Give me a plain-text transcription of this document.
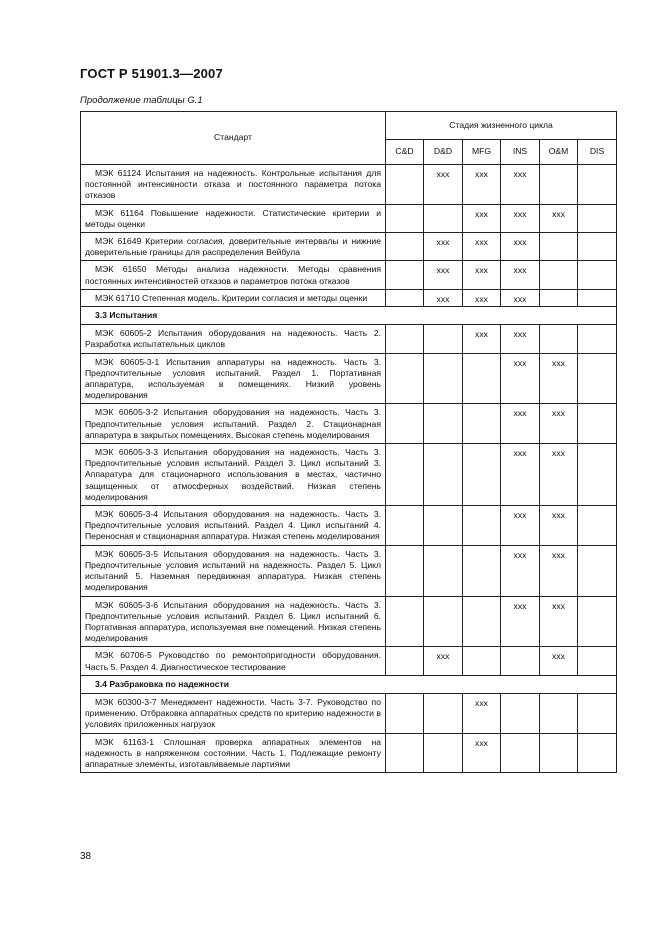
ГОСТ Р 51901.3—2007
Продолжение таблицы G.1
Стандарт	Стадия жизненного цикла					
	C&D	D&D	MFG	INS	O&M	DIS
МЭК 61124 Испытания на надежность. Контрольные испытания для постоянной интенсивности отказа и постоянного параметра потока отказов		xxx	xxx	xxx		
МЭК 61164 Повышение надежности. Статистические критерии и методы оценки			xxx	xxx	xxx	
МЭК 61649 Критерии согласия, доверительные интервалы и нижние доверительные границы для распределения Вейбула		xxx	xxx	xxx		
МЭК 61650 Методы анализа надежности. Методы сравнения постоянных интенсивностей отказов и параметров потока отказов		xxx	xxx	xxx		
МЭК 61710 Степенная модель. Критерии согласия и методы оценки		xxx	xxx	xxx		
3.3 Испытания						
МЭК 60605-2 Испытания оборудования на надежность. Часть 2. Разработка испытательных циклов			xxx	xxx		
МЭК 60605-3-1 Испытания аппаратуры на надежность. Часть 3. Предпочтительные условия испытаний. Раздел 1. Портативная аппаратура, используемая в помещениях. Низкий уровень моделирования				xxx	xxx	
МЭК 60605-3-2 Испытания оборудования на надежность. Часть 3. Предпочтительные условия испытаний. Раздел 2. Стационарная аппаратура в закрытых помещениях. Высокая степень моделирования				xxx	xxx	
МЭК 60605-3-3 Испытания оборудования на надежность. Часть 3. Предпочтительные условия испытаний. Раздел 3. Цикл испытаний 3. Аппаратура для стационарного использования в местах, частично защищенных от атмосферных воздействий. Низкая степень моделирования				xxx	xxx	
МЭК 60605-3-4 Испытания оборудования на надежность. Часть 3. Предпочтительные условия испытаний. Раздел 4. Цикл испытаний 4. Переносная и стационарная аппаратура. Низкая степень моделирования				xxx	xxx	
МЭК 60605-3-5 Испытания оборудования на надежность. Часть 3. Предпочтительные условия испытаний на надежность. Раздел 5. Цикл испытаний 5. Наземная передвижная аппаратура. Низкая степень моделирования				xxx	xxx	
МЭК 60605-3-6 Испытания оборудования на надежность. Часть 3. Предпочтительные условия испытаний. Раздел 6. Цикл испытаний 6. Портативная аппаратура, используемая вне помещений. Низкая степень моделирования				xxx	xxx	
МЭК 60706-5 Руководство по ремонтопригодности оборудования. Часть 5. Раздел 4. Диагностическое тестирование		xxx			xxx	
3.4 Разбраковка по надежности						
МЭК 60300-3-7 Менеджмент надежности. Часть 3-7. Руководство по применению. Отбраковка аппаратных средств по критерию надежности в условиях приложенных нагрузок			xxx			
МЭК 61163-1 Сплошная проверка аппаратных элементов на надежность в напряженном состоянии. Часть 1. Подлежащие ремонту аппаратные элементы, изготавливаемые партиями			xxx			
38
